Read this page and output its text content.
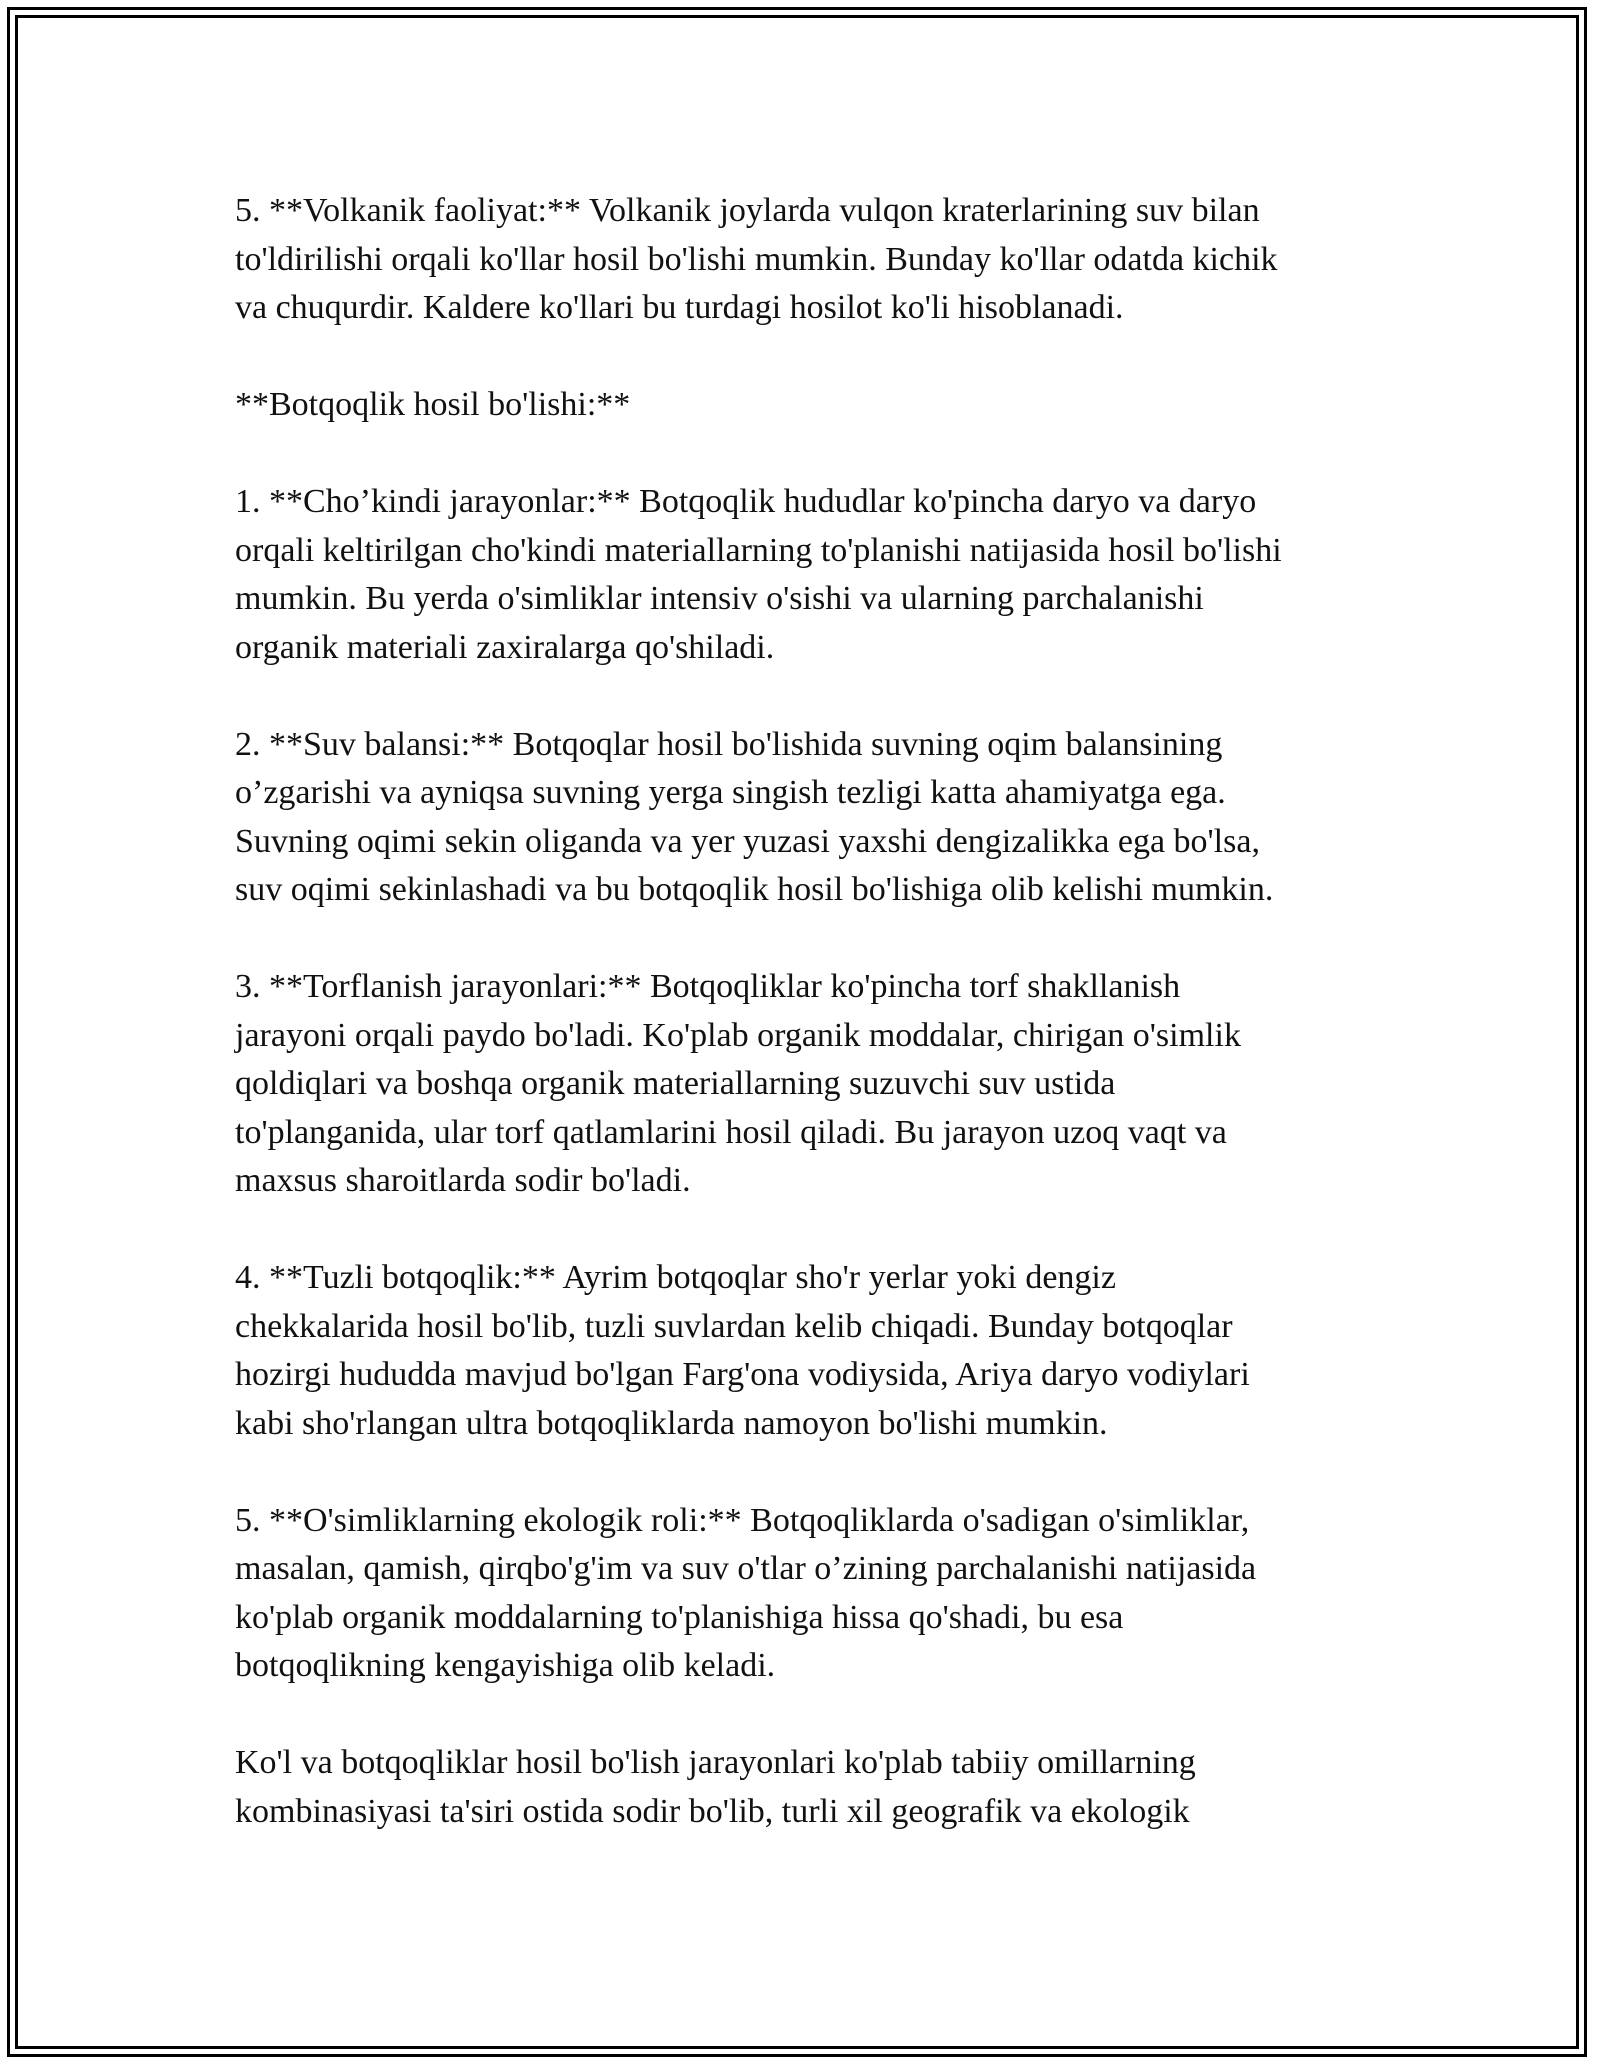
5. **Volkanik faoliyat:** Volkanik joylarda vulqon kraterlarining suv bilan
to'ldirilishi orqali ko'llar hosil bo'lishi mumkin. Bunday ko'llar odatda kichik
va chuqurdir. Kaldere ko'llari bu turdagi hosilot ko'li hisoblanadi.

**Botqoqlik hosil bo'lishi:**

1. **Cho’kindi jarayonlar:** Botqoqlik hududlar ko'pincha daryo va daryo
orqali keltirilgan cho'kindi materiallarning to'planishi natijasida hosil bo'lishi
mumkin. Bu yerda o'simliklar intensiv o'sishi va ularning parchalanishi
organik materiali zaxiralarga qo'shiladi.

2. **Suv balansi:** Botqoqlar hosil bo'lishida suvning oqim balansining
o’zgarishi va ayniqsa suvning yerga singish tezligi katta ahamiyatga ega.
Suvning oqimi sekin oliganda va yer yuzasi yaxshi dengizalikka ega bo'lsa,
suv oqimi sekinlashadi va bu botqoqlik hosil bo'lishiga olib kelishi mumkin.

3. **Torflanish jarayonlari:** Botqoqliklar ko'pincha torf shakllanish
jarayoni orqali paydo bo'ladi. Ko'plab organik moddalar, chirigan o'simlik
qoldiqlari va boshqa organik materiallarning suzuvchi suv ustida
to'planganida, ular torf qatlamlarini hosil qiladi. Bu jarayon uzoq vaqt va
maxsus sharoitlarda sodir bo'ladi.

4. **Tuzli botqoqlik:** Ayrim botqoqlar sho'r yerlar yoki dengiz
chekkalarida hosil bo'lib, tuzli suvlardan kelib chiqadi. Bunday botqoqlar
hozirgi hududda mavjud bo'lgan Farg'ona vodiysida, Ariya daryo vodiylari
kabi sho'rlangan ultra botqoqliklarda namoyon bo'lishi mumkin.

5. **O'simliklarning ekologik roli:** Botqoqliklarda o'sadigan o'simliklar,
masalan, qamish, qirqbo'g'im va suv o'tlar o’zining parchalanishi natijasida
ko'plab organik moddalarning to'planishiga hissa qo'shadi, bu esa
botqoqlikning kengayishiga olib keladi.

Ko'l va botqoqliklar hosil bo'lish jarayonlari ko'plab tabiiy omillarning
kombinasiyasi ta'siri ostida sodir bo'lib, turli xil geografik va ekologik
